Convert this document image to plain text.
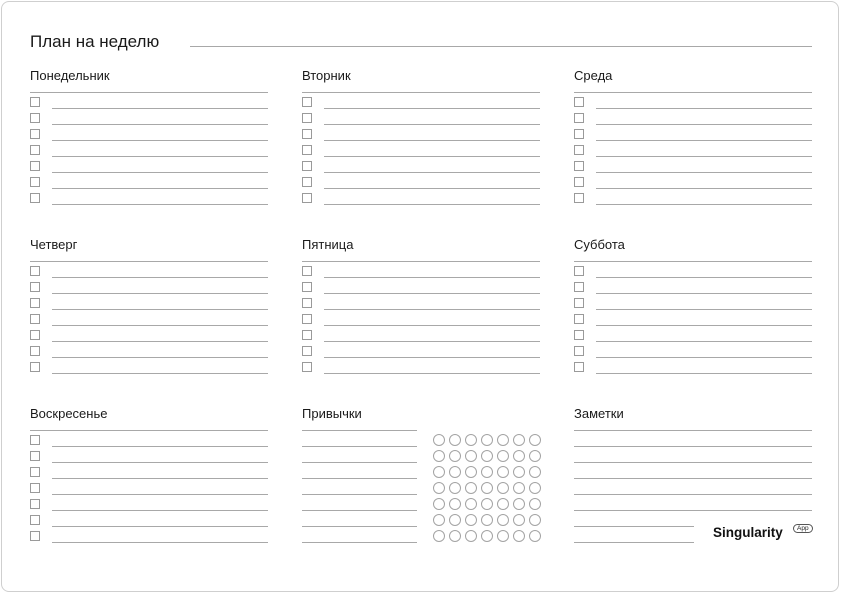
План на неделю
Понедельник	Вторник	Среда
Четверг	Пятница	Суббота
Воскресенье	Привычки	Заметки
Singularity	App
